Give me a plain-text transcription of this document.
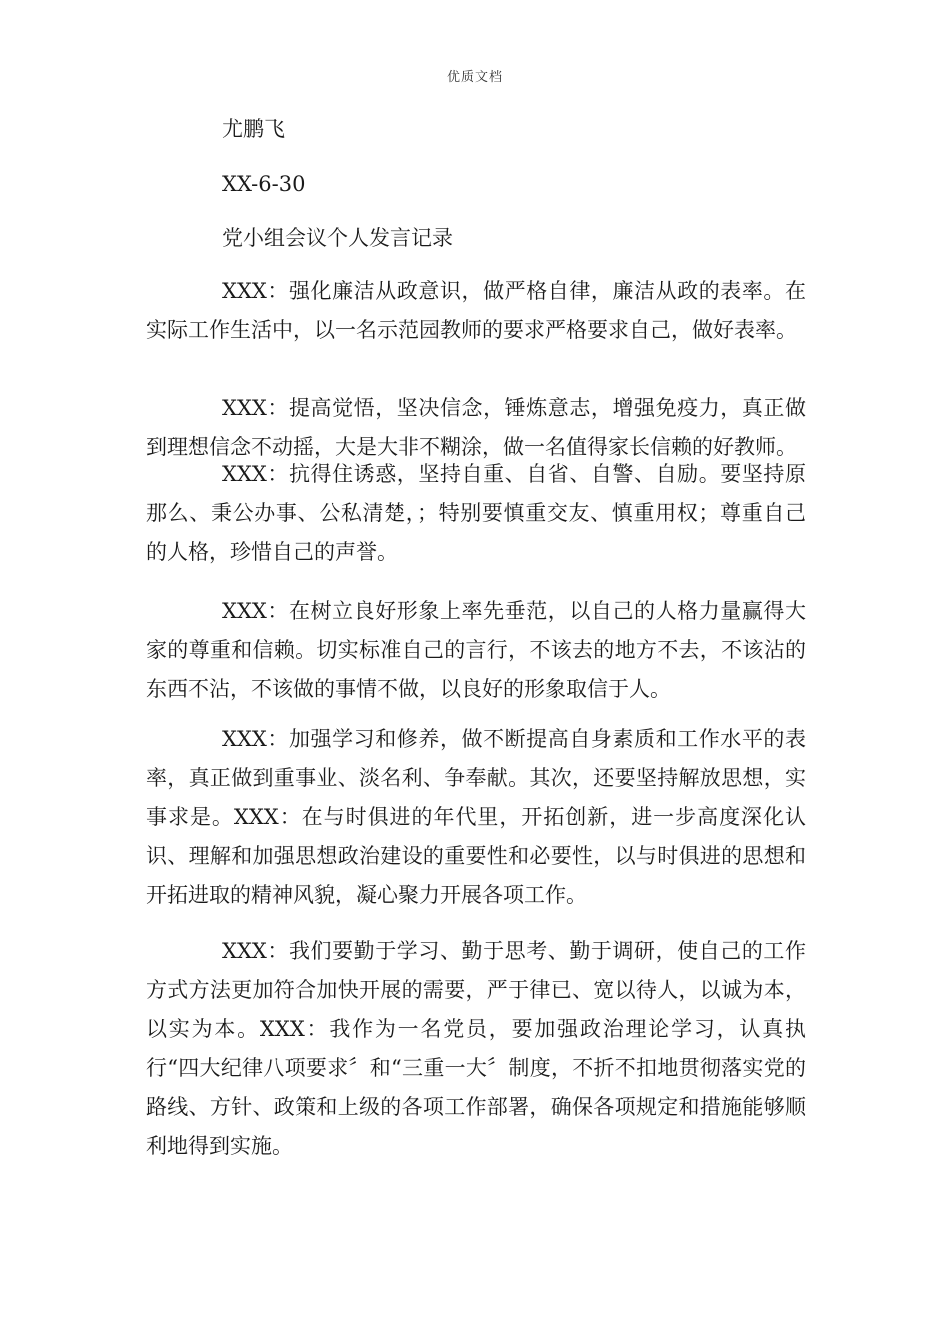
优质文档
尤鹏飞
XX-6-30
党小组会议个人发言记录

XXX：强化廉洁从政意识，做严格自律，廉洁从政的表率。在实际工作生活中，以一名示范园教师的要求严格要求自己，做好表率。

XXX：提高觉悟，坚决信念，锤炼意志，增强免疫力，真正做到理想信念不动摇，大是大非不糊涂，做一名值得家长信赖的好教师。

XXX：抗得住诱惑，坚持自重、自省、自警、自励。要坚持原那么、秉公办事、公私清楚，；特别要慎重交友、慎重用权；尊重自己的人格，珍惜自己的声誉。

XXX：在树立良好形象上率先垂范，以自己的人格力量赢得大家的尊重和信赖。切实标准自己的言行，不该去的地方不去，不该沾的东西不沾，不该做的事情不做，以良好的形象取信于人。

XXX：加强学习和修养，做不断提高自身素质和工作水平的表率，真正做到重事业、淡名利、争奉献。其次，还要坚持解放思想，实事求是。XXX：在与时俱进的年代里，开拓创新，进一步高度深化认识、理解和加强思想政治建设的重要性和必要性，以与时俱进的思想和开拓进取的精神风貌，凝心聚力开展各项工作。

XXX：我们要勤于学习、勤于思考、勤于调研，使自己的工作方式方法更加符合加快开展的需要，严于律已、宽以待人，以诚为本，以实为本。XXX：我作为一名党员，要加强政治理论学习，认真执行“四大纪律八项要求〞和“三重一大〞制度，不折不扣地贯彻落实党的路线、方针、政策和上级的各项工作部署，确保各项规定和措施能够顺利地得到实施。
